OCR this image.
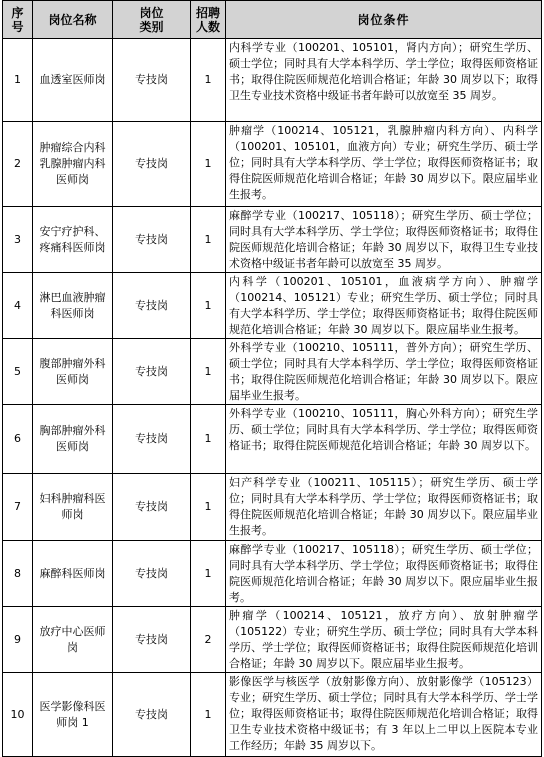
序号	岗位名称	岗位类别	招聘人数	岗位条件
1	血透室医师岗	专技岗	1	内科学专业（100201、105101，肾内方向）；研究生学历、硕士学位；同时具有大学本科学历、学士学位；取得医师资格证书；取得住院医师规范化培训合格证；年龄 30 周岁以下；取得卫生专业技术资格中级证书者年龄可以放宽至 35 周岁。
2	肿瘤综合内科乳腺肿瘤内科医师岗	专技岗	1	肿瘤学（100214、105121，乳腺肿瘤内科方向）、内科学（100201、105101，血液方向）专业；研究生学历、硕士学位；同时具有大学本科学历、学士学位；取得医师资格证书；取得住院医师规范化培训合格证；年龄 30 周岁以下。限应届毕业生报考。
3	安宁疗护科、疼痛科医师岗	专技岗	1	麻醉学专业（100217、105118）；研究生学历、硕士学位；同时具有大学本科学历、学士学位；取得医师资格证书；取得住院医师规范化培训合格证；年龄 30 周岁以下，取得卫生专业技术资格中级证书者年龄可以放宽至 35 周岁。
4	淋巴血液肿瘤科医师岗	专技岗	1	内科学（100201、105101，血液病学方向）、肿瘤学（100214、105121）专业；研究生学历、硕士学位；同时具有大学本科学历、学士学位；取得医师资格证书；取得住院医师规范化培训合格证；年龄 30 周岁以下。限应届毕业生报考。
5	腹部肿瘤外科医师岗	专技岗	1	外科学专业（100210、105111，普外方向）；研究生学历、硕士学位；同时具有大学本科学历、学士学位；取得医师资格证书；取得住院医师规范化培训合格证；年龄 30 周岁以下。限应届毕业生报考。
6	胸部肿瘤外科医师岗	专技岗	1	外科学专业（100210、105111，胸心外科方向）；研究生学历、硕士学位；同时具有大学本科学历、学士学位；取得医师资格证书；取得住院医师规范化培训合格证；年龄 30 周岁以下。
7	妇科肿瘤科医师岗	专技岗	1	妇产科学专业（100211、105115）；研究生学历、硕士学位；同时具有大学本科学历、学士学位；取得医师资格证书；取得住院医师规范化培训合格证；年龄 30 周岁以下。限应届毕业生报考。
8	麻醉科医师岗	专技岗	1	麻醉学专业（100217、105118）；研究生学历、硕士学位；同时具有大学本科学历、学士学位；取得医师资格证书；取得住院医师规范化培训合格证；年龄 30 周岁以下。限应届毕业生报考。
9	放疗中心医师岗	专技岗	2	肿瘤学（100214、105121，放疗方向）、放射肿瘤学（105122）专业；研究生学历、硕士学位；同时具有大学本科学历、学士学位；取得医师资格证书；取得住院医师规范化培训合格证；年龄 30 周岁以下。限应届毕业生报考。
10	医学影像科医师岗 1	专技岗	1	影像医学与核医学（放射影像方向）、放射影像学（105123）专业；研究生学历、硕士学位；同时具有大学本科学历、学士学位；取得医师资格证书；取得住院医师规范化培训合格证；取得卫生专业技术资格中级证书；有 3 年以上二甲以上医院本专业工作经历；年龄 35 周岁以下。
